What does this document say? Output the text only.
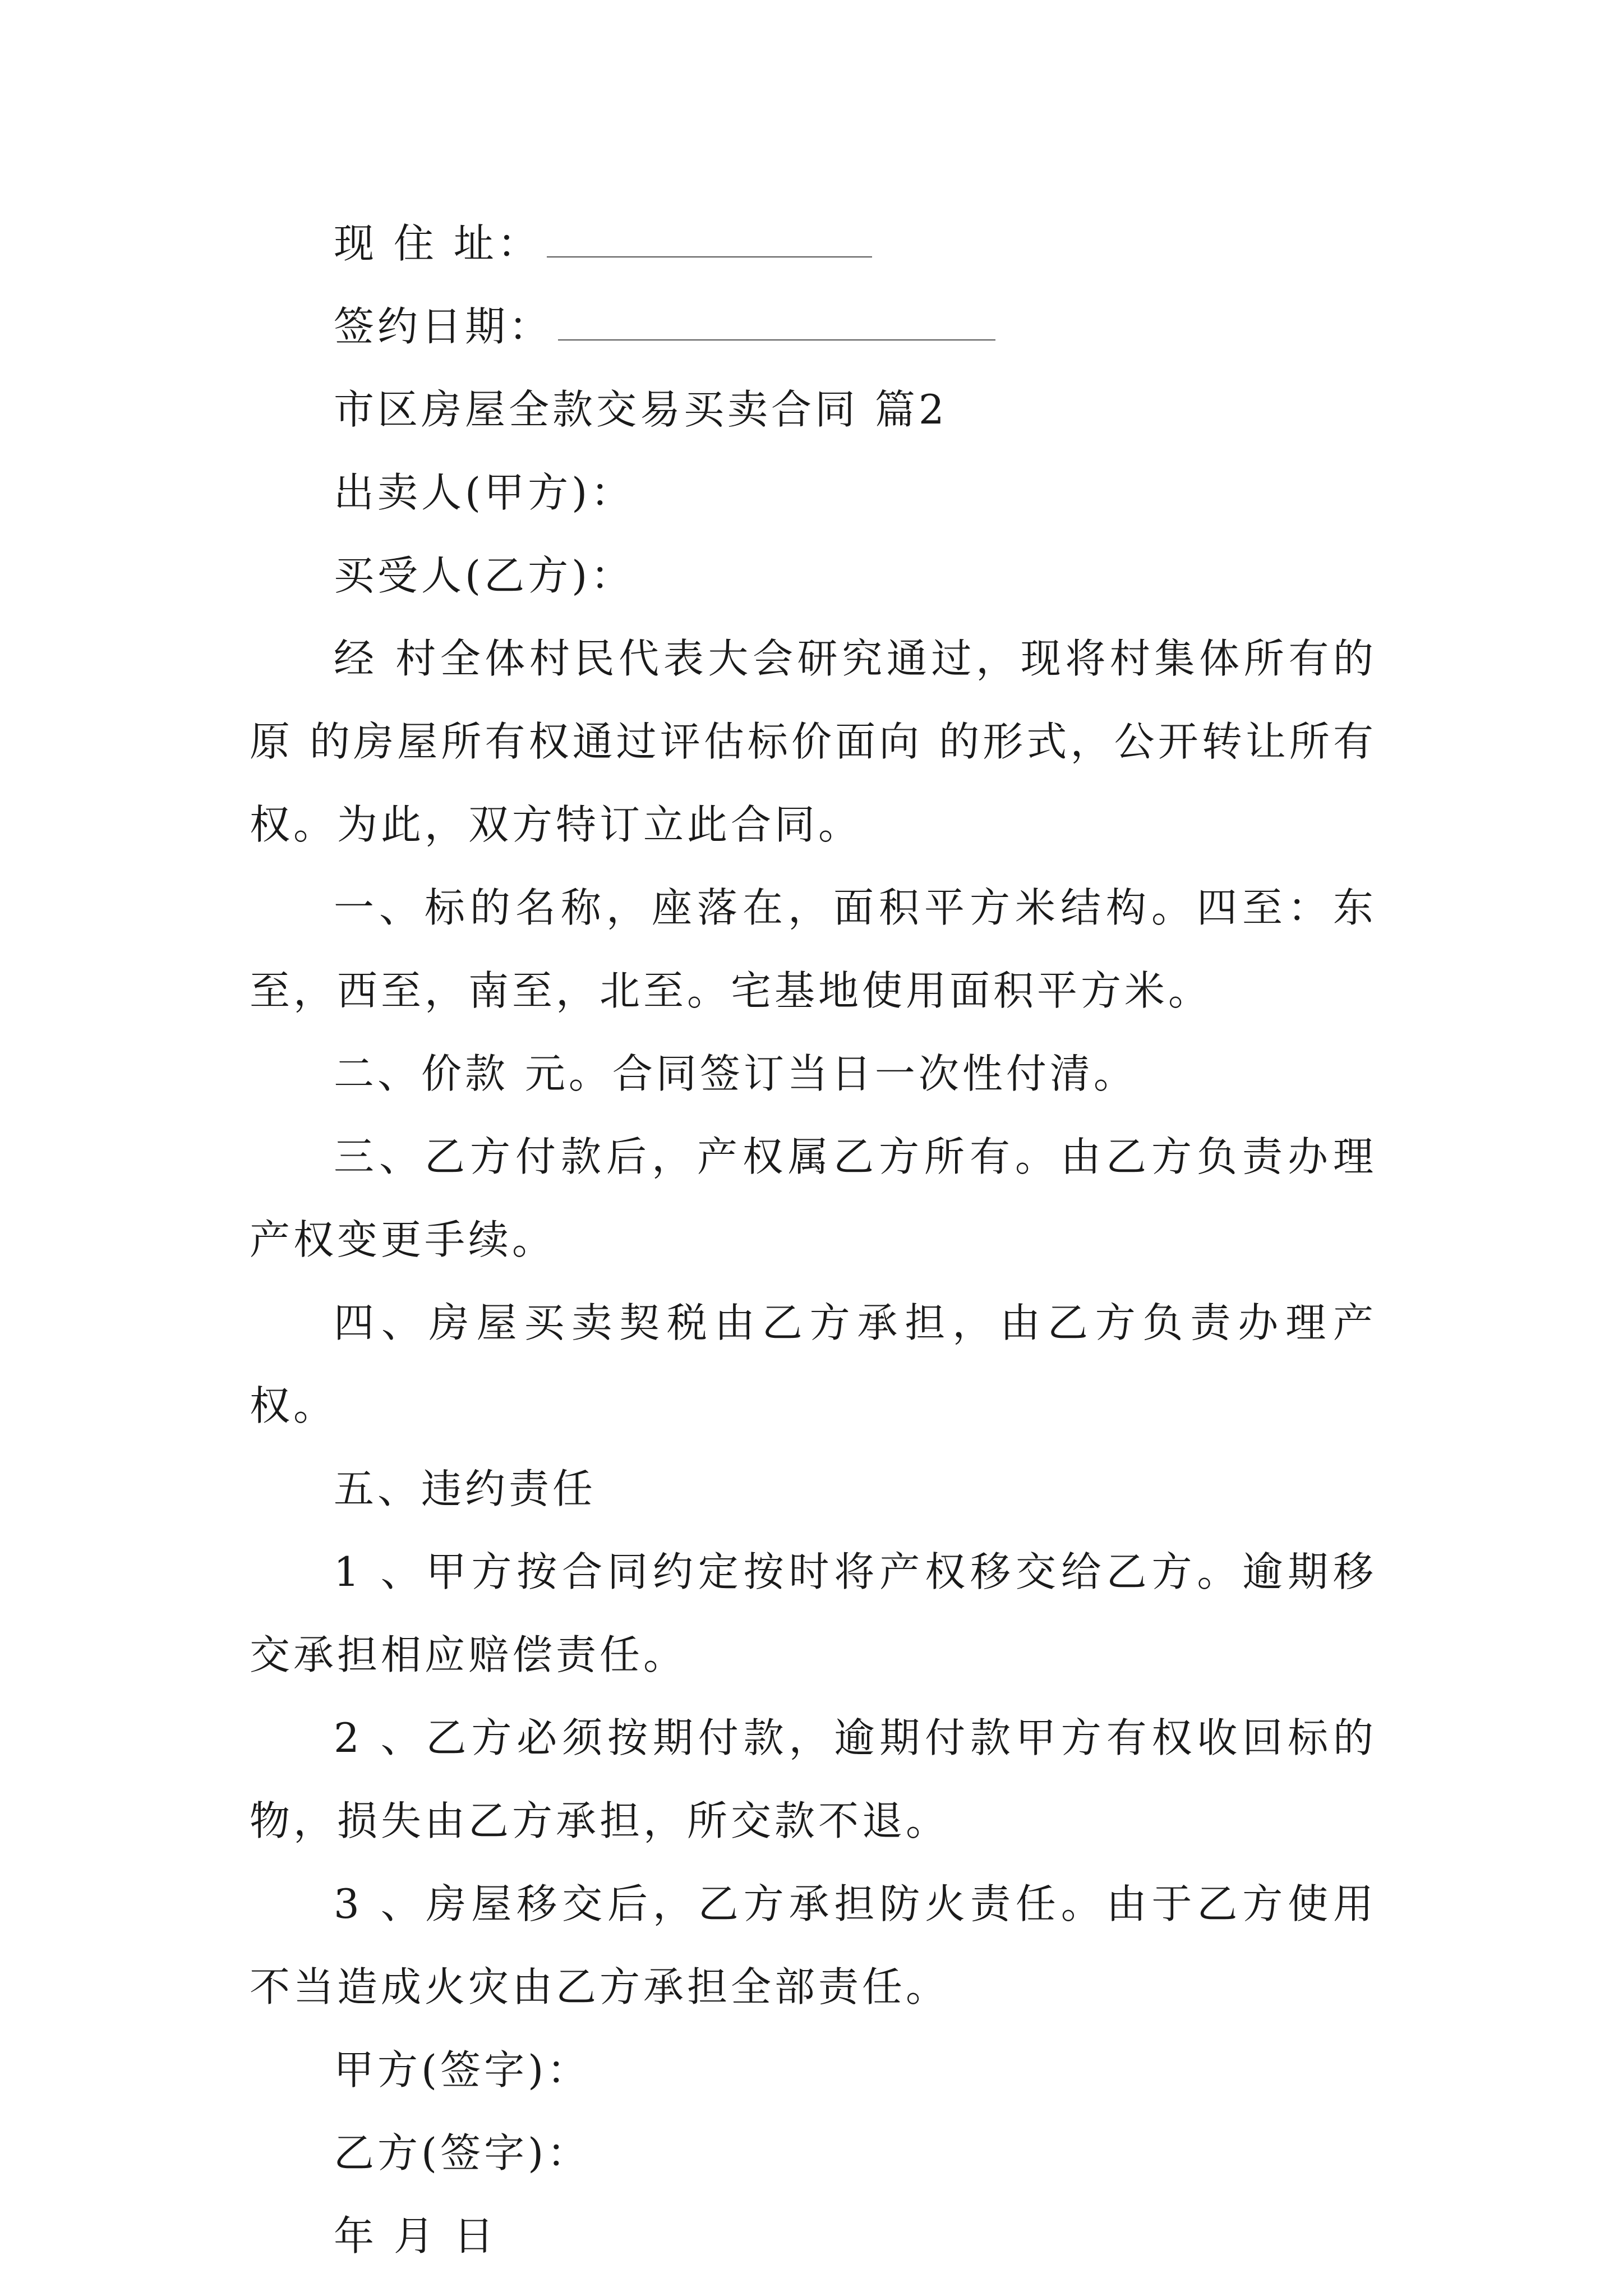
现 住 址：
签约日期：
市区房屋全款交易买卖合同 篇2
出卖人(甲方)：
买受人(乙方)：
经 村全体村民代表大会研究通过，现将村集体所有的原 的房屋所有权通过评估标价面向 的形式，公开转让所有权。为此，双方特订立此合同。
一、标的名称，座落在，面积平方米结构。四至：东至，西至，南至，北至。宅基地使用面积平方米。
二、价款 元。合同签订当日一次性付清。
三、乙方付款后，产权属乙方所有。由乙方负责办理产权变更手续。
四、房屋买卖契税由乙方承担，由乙方负责办理产权。
五、违约责任
1 、甲方按合同约定按时将产权移交给乙方。逾期移交承担相应赔偿责任。
2 、乙方必须按期付款，逾期付款甲方有权收回标的物，损失由乙方承担，所交款不退。
3 、房屋移交后，乙方承担防火责任。由于乙方使用不当造成火灾由乙方承担全部责任。
甲方(签字)：
乙方(签字)：
年 月 日
